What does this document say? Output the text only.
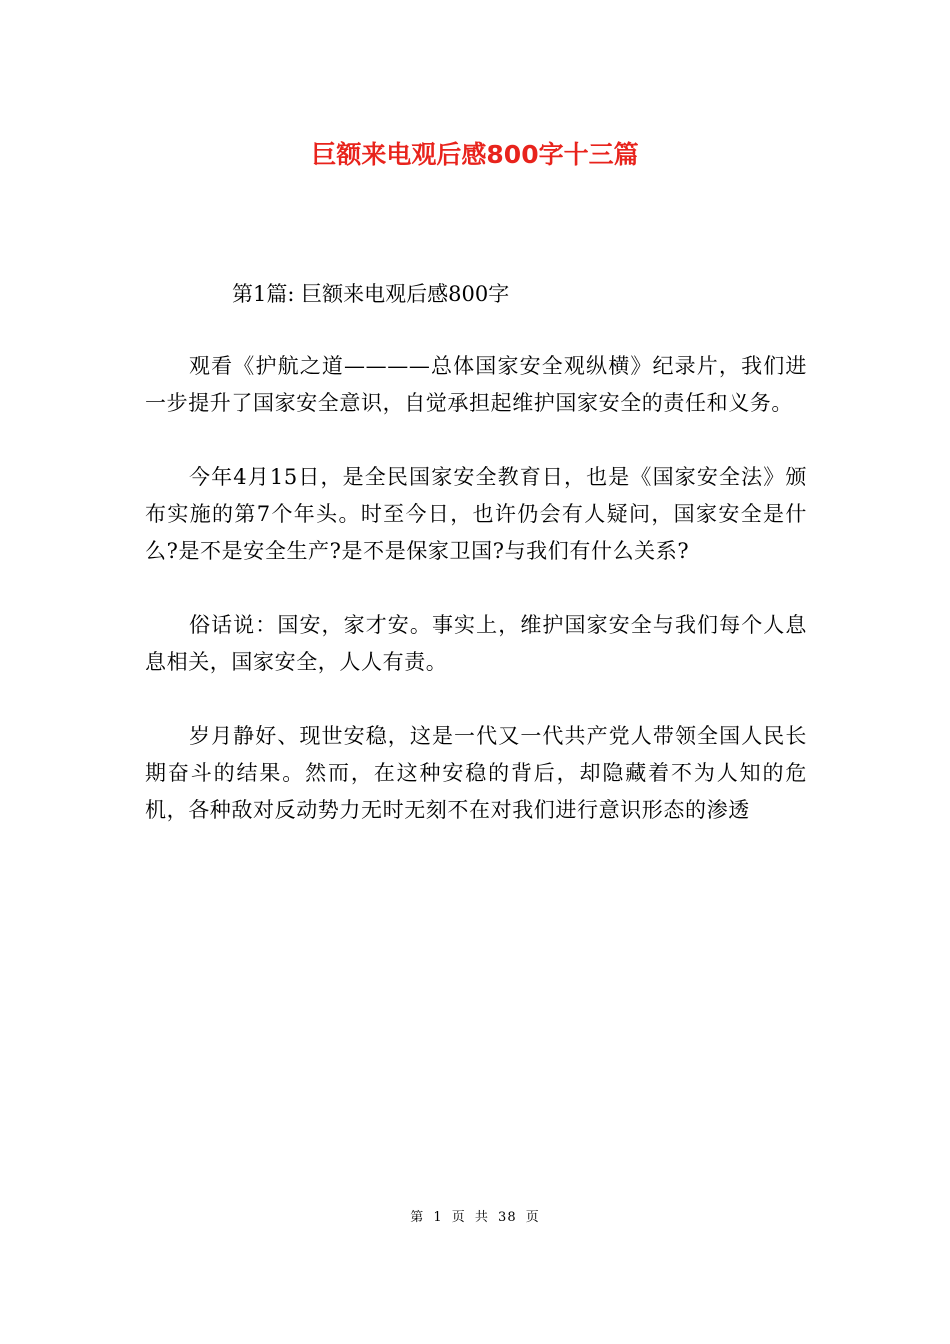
巨额来电观后感800字十三篇

第1篇: 巨额来电观后感800字

观看《护航之道————总体国家安全观纵横》纪录片，我们进一步提升了国家安全意识，自觉承担起维护国家安全的责任和义务。

今年4月15日，是全民国家安全教育日，也是《国家安全法》颁布实施的第7个年头。时至今日，也许仍会有人疑问，国家安全是什么?是不是安全生产?是不是保家卫国?与我们有什么关系?

俗话说：国安，家才安。事实上，维护国家安全与我们每个人息息相关，国家安全，人人有责。

岁月静好、现世安稳，这是一代又一代共产党人带领全国人民长期奋斗的结果。然而，在这种安稳的背后，却隐藏着不为人知的危机，各种敌对反动势力无时无刻不在对我们进行意识形态的渗透

第 1 页 共 38 页
